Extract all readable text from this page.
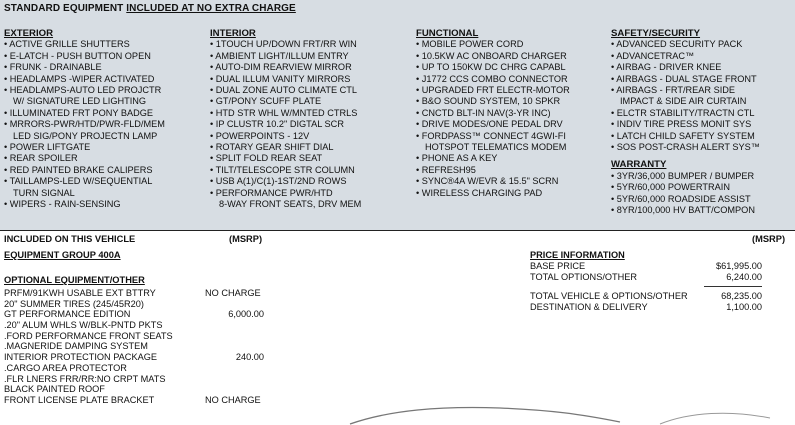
STANDARD EQUIPMENT INCLUDED AT NO EXTRA CHARGE
EXTERIOR
• ACTIVE GRILLE SHUTTERS
• E-LATCH - PUSH BUTTON OPEN
• FRUNK - DRAINABLE
• HEADLAMPS -WIPER ACTIVATED
• HEADLAMPS-AUTO LED PROJCTR
W/ SIGNATURE LED LIGHTING
• ILLUMINATED FRT PONY BADGE
• MRRORS-PWR/HTD/PWR-FLD/MEM
LED SIG/PONY PROJECTN LAMP
• POWER LIFTGATE
• REAR SPOILER
• RED PAINTED BRAKE CALIPERS
• TAILLAMPS-LED W/SEQUENTIAL
TURN SIGNAL
• WIPERS - RAIN-SENSING
INTERIOR
• 1TOUCH UP/DOWN FRT/RR WIN
• AMBIENT LIGHT/ILLUM ENTRY
• AUTO-DIM REARVIEW MIRROR
• DUAL ILLUM VANITY MIRRORS
• DUAL ZONE AUTO CLIMATE CTL
• GT/PONY SCUFF PLATE
• HTD STR WHL W/MNTED CTRLS
• IP CLUSTR 10.2" DIGTAL SCR
• POWERPOINTS - 12V
• ROTARY GEAR SHIFT DIAL
• SPLIT FOLD REAR SEAT
• TILT/TELESCOPE STR COLUMN
• USB A(1)/C(1)-1ST/2ND ROWS
• PERFORMANCE PWR/HTD
8-WAY FRONT SEATS, DRV MEM
FUNCTIONAL
• MOBILE POWER CORD
• 10.5KW AC ONBOARD CHARGER
• UP TO 150KW DC CHRG CAPABL
• J1772 CCS COMBO CONNECTOR
• UPGRADED FRT ELECTR-MOTOR
• B&O SOUND SYSTEM, 10 SPKR
• CNCTD BLT-IN NAV(3-YR INC)
• DRIVE MODES/ONE PEDAL DRV
• FORDPASS™ CONNECT 4GWI-FI
HOTSPOT TELEMATICS MODEM
• PHONE AS A KEY
• REFRESH95
• SYNC®4A W/EVR & 15.5" SCRN
• WIRELESS CHARGING PAD
SAFETY/SECURITY
• ADVANCED SECURITY PACK
• ADVANCETRAC™
• AIRBAG - DRIVER KNEE
• AIRBAGS - DUAL STAGE FRONT
• AIRBAGS - FRT/REAR SIDE
IMPACT & SIDE AIR CURTAIN
• ELCTR STABILITY/TRACTN CTL
• INDIV TIRE PRESS MONIT SYS
• LATCH CHILD SAFETY SYSTEM
• SOS POST-CRASH ALERT SYS™
WARRANTY
• 3YR/36,000 BUMPER / BUMPER
• 5YR/60,000 POWERTRAIN
• 5YR/60,000 ROADSIDE ASSIST
• 8YR/100,000 HV BATT/COMPON
INCLUDED ON THIS VEHICLE	(MSRP)	(MSRP)
EQUIPMENT GROUP 400A
OPTIONAL EQUIPMENT/OTHER
PRFM/91KWH USABLE EXT BTTRY	NO CHARGE
20" SUMMER TIRES (245/45R20)
GT PERFORMANCE EDITION	6,000.00
.20" ALUM WHLS W/BLK-PNTD PKTS
.FORD PERFORMANCE FRONT SEATS
.MAGNERIDE DAMPING SYSTEM
INTERIOR PROTECTION PACKAGE	240.00
.CARGO AREA PROTECTOR
.FLR LNERS FRR/RR:NO CRPT MATS
BLACK PAINTED ROOF
FRONT LICENSE PLATE BRACKET	NO CHARGE
PRICE INFORMATION
BASE PRICE	$61,995.00
TOTAL OPTIONS/OTHER	6,240.00
TOTAL VEHICLE & OPTIONS/OTHER	68,235.00
DESTINATION & DELIVERY	1,100.00
